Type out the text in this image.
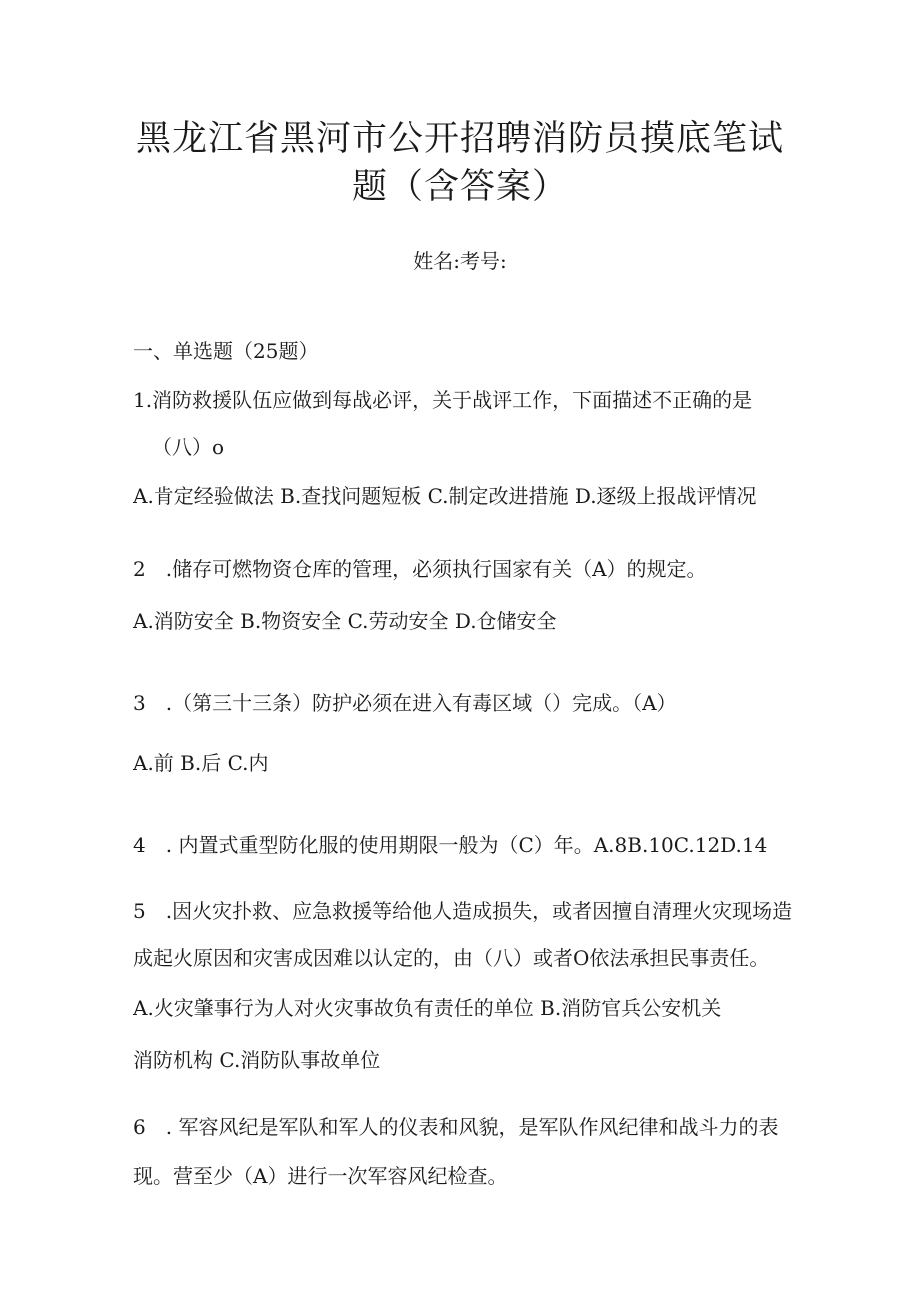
黑龙江省黑河市公开招聘消防员摸底笔试
题（含答案）
姓名:考号:
一、单选题（25题）
1.消防救援队伍应做到每战必评，关于战评工作，下面描述不正确的是
（八）o
A.肯定经验做法 B.查找问题短板 C.制定改进措施 D.逐级上报战评情况
2　.储存可燃物资仓库的管理，必须执行国家有关（A）的规定。
A.消防安全 B.物资安全 C.劳动安全 D.仓储安全
3　.（第三十三条）防护必须在进入有毒区域（）完成。（A）
A.前 B.后 C.内
4　. 内置式重型防化服的使用期限一般为（C）年。A.8B.10C.12D.14
5　.因火灾扑救、应急救援等给他人造成损失，或者因擅自清理火灾现场造
成起火原因和灾害成因难以认定的，由（八）或者O依法承担民事责任。
A.火灾肇事行为人对火灾事故负有责任的单位 B.消防官兵公安机关
消防机构 C.消防队事故单位
6　. 军容风纪是军队和军人的仪表和风貌，是军队作风纪律和战斗力的表
现。营至少（A）进行一次军容风纪检查。
